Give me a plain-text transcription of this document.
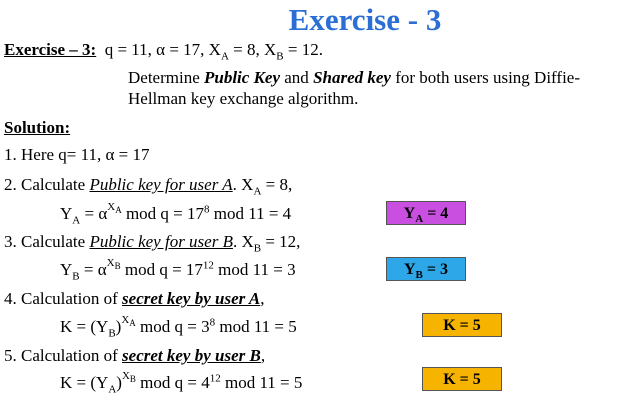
Exercise - 3
Exercise – 3: q = 11, α = 17, $X_A = 8$, $X_B = 12$.
Determine Public Key and Shared key for both users using Diffie-
Hellman key exchange algorithm.
Solution:
1. Here q= 11, α = 17
2. Calculate Public key for user A. $X_A = 8$,
$Y_A = \alpha^{X_A}$ mod $q = 17^8$ mod 11 = 4	$Y_A = 4$
3. Calculate Public key for user B. $X_B = 12$,
$Y_B = \alpha^{X_B}$ mod $q = 17^{12}$ mod 11 = 3	$Y_B = 3$
4. Calculation of secret key by user A,
$K = (Y_B)^{X_A}$ mod $q = 3^8$ mod 11 = 5	K = 5
5. Calculation of secret key by user B,
$K = (Y_A)^{X_B}$ mod $q = 4^{12}$ mod 11 = 5	K = 5
